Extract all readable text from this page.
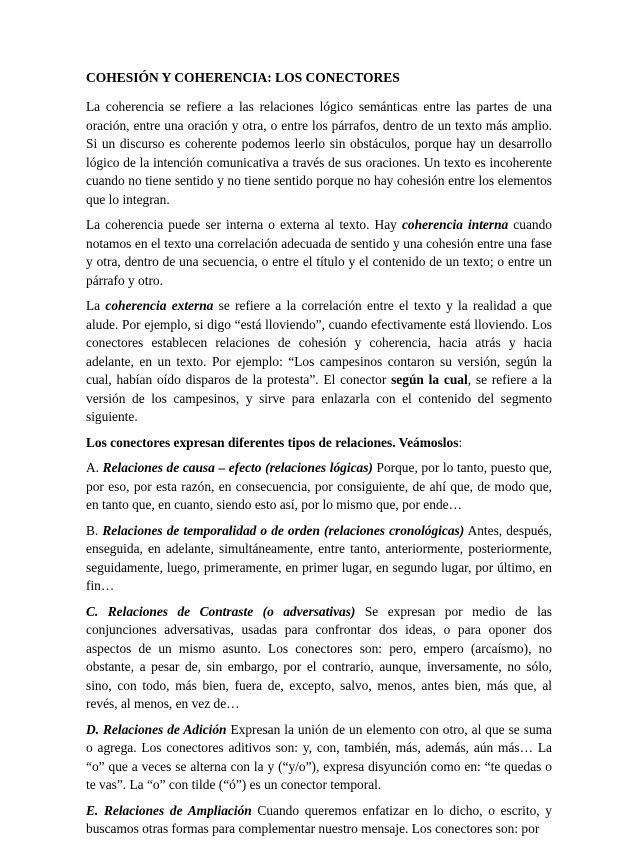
COHESIÓN Y COHERENCIA: LOS CONECTORES

La coherencia se refiere a las relaciones lógico semánticas entre las partes de una oración, entre una oración y otra, o entre los párrafos, dentro de un texto más amplio. Si un discurso es coherente podemos leerlo sin obstáculos, porque hay un desarrollo lógico de la intención comunicativa a través de sus oraciones. Un texto es incoherente cuando no tiene sentido y no tiene sentido porque no hay cohesión entre los elementos que lo integran.

La coherencia puede ser interna o externa al texto. Hay coherencia interna cuando notamos en el texto una correlación adecuada de sentido y una cohesión entre una fase y otra, dentro de una secuencia, o entre el título y el contenido de un texto; o entre un párrafo y otro.

La coherencia externa se refiere a la correlación entre el texto y la realidad a que alude. Por ejemplo, si digo “está lloviendo”, cuando efectivamente está lloviendo. Los conectores establecen relaciones de cohesión y coherencia, hacia atrás y hacia adelante, en un texto. Por ejemplo: “Los campesinos contaron su versión, según la cual, habían oído disparos de la protesta”. El conector según la cual, se refiere a la versión de los campesinos, y sirve para enlazarla con el contenido del segmento siguiente.

Los conectores expresan diferentes tipos de relaciones. Veámoslos:

A. Relaciones de causa – efecto (relaciones lógicas) Porque, por lo tanto, puesto que, por eso, por esta razón, en consecuencia, por consiguiente, de ahí que, de modo que, en tanto que, en cuanto, siendo esto así, por lo mismo que, por ende…

B. Relaciones de temporalidad o de orden (relaciones cronológicas) Antes, después, enseguida, en adelante, simultáneamente, entre tanto, anteriormente, posteriormente, seguidamente, luego, primeramente, en primer lugar, en segundo lugar, por último, en fin…

C. Relaciones de Contraste (o adversativas) Se expresan por medio de las conjunciones adversativas, usadas para confrontar dos ideas, o para oponer dos aspectos de un mismo asunto. Los conectores son: pero, empero (arcaísmo), no obstante, a pesar de, sin embargo, por el contrario, aunque, inversamente, no sólo, sino, con todo, más bien, fuera de, excepto, salvo, menos, antes bien, más que, al revés, al menos, en vez de…

D. Relaciones de Adición Expresan la unión de un elemento con otro, al que se suma o agrega. Los conectores aditivos son: y, con, también, más, además, aún más… La “o” que a veces se alterna con la y (“y/o”), expresa disyunción como en: “te quedas o te vas”. La “o” con tilde (“ó”) es un conector temporal.

E. Relaciones de Ampliación Cuando queremos enfatizar en lo dicho, o escrito, y buscamos otras formas para complementar nuestro mensaje. Los conectores son: por
